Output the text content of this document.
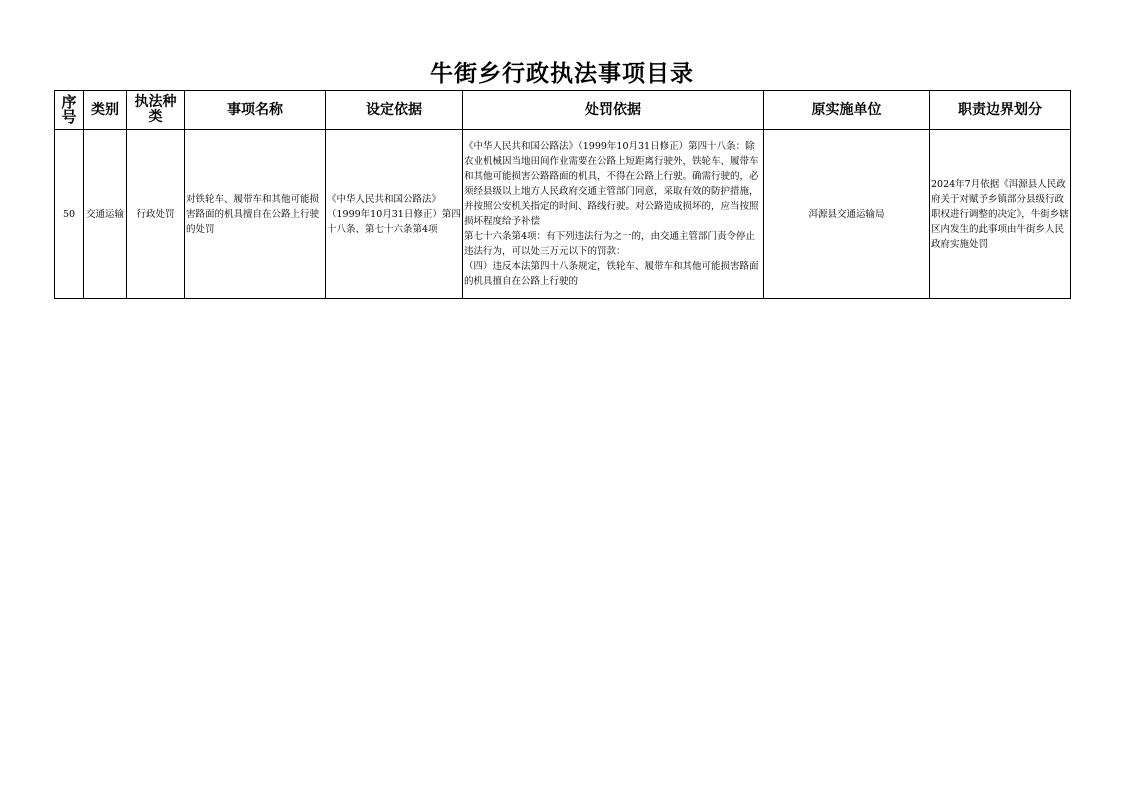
牛街乡行政执法事项目录
序号	类别	执法种类	事项名称	设定依据	处罚依据	原实施单位	职责边界划分
50	交通运输	行政处罚	对铁轮车、履带车和其他可能损害路面的机具擅自在公路上行驶的处罚	《中华人民共和国公路法》（1999年10月31日修正）第四十八条、第七十六条第4项	《中华人民共和国公路法》（1999年10月31日修正）第四十八条：除农业机械因当地田间作业需要在公路上短距离行驶外，铁轮车、履带车和其他可能损害公路路面的机具，不得在公路上行驶。确需行驶的，必须经县级以上地方人民政府交通主管部门同意，采取有效的防护措施，并按照公安机关指定的时间、路线行驶。对公路造成损坏的，应当按照损坏程度给予补偿
第七十六条第4项：有下列违法行为之一的，由交通主管部门责令停止违法行为，可以处三万元以下的罚款：
（四）违反本法第四十八条规定，铁轮车、履带车和其他可能损害路面的机具擅自在公路上行驶的	洱源县交通运输局	2024年7月依据《洱源县人民政府关于对赋予乡镇部分县级行政职权进行调整的决定》，牛街乡辖区内发生的此事项由牛街乡人民政府实施处罚
